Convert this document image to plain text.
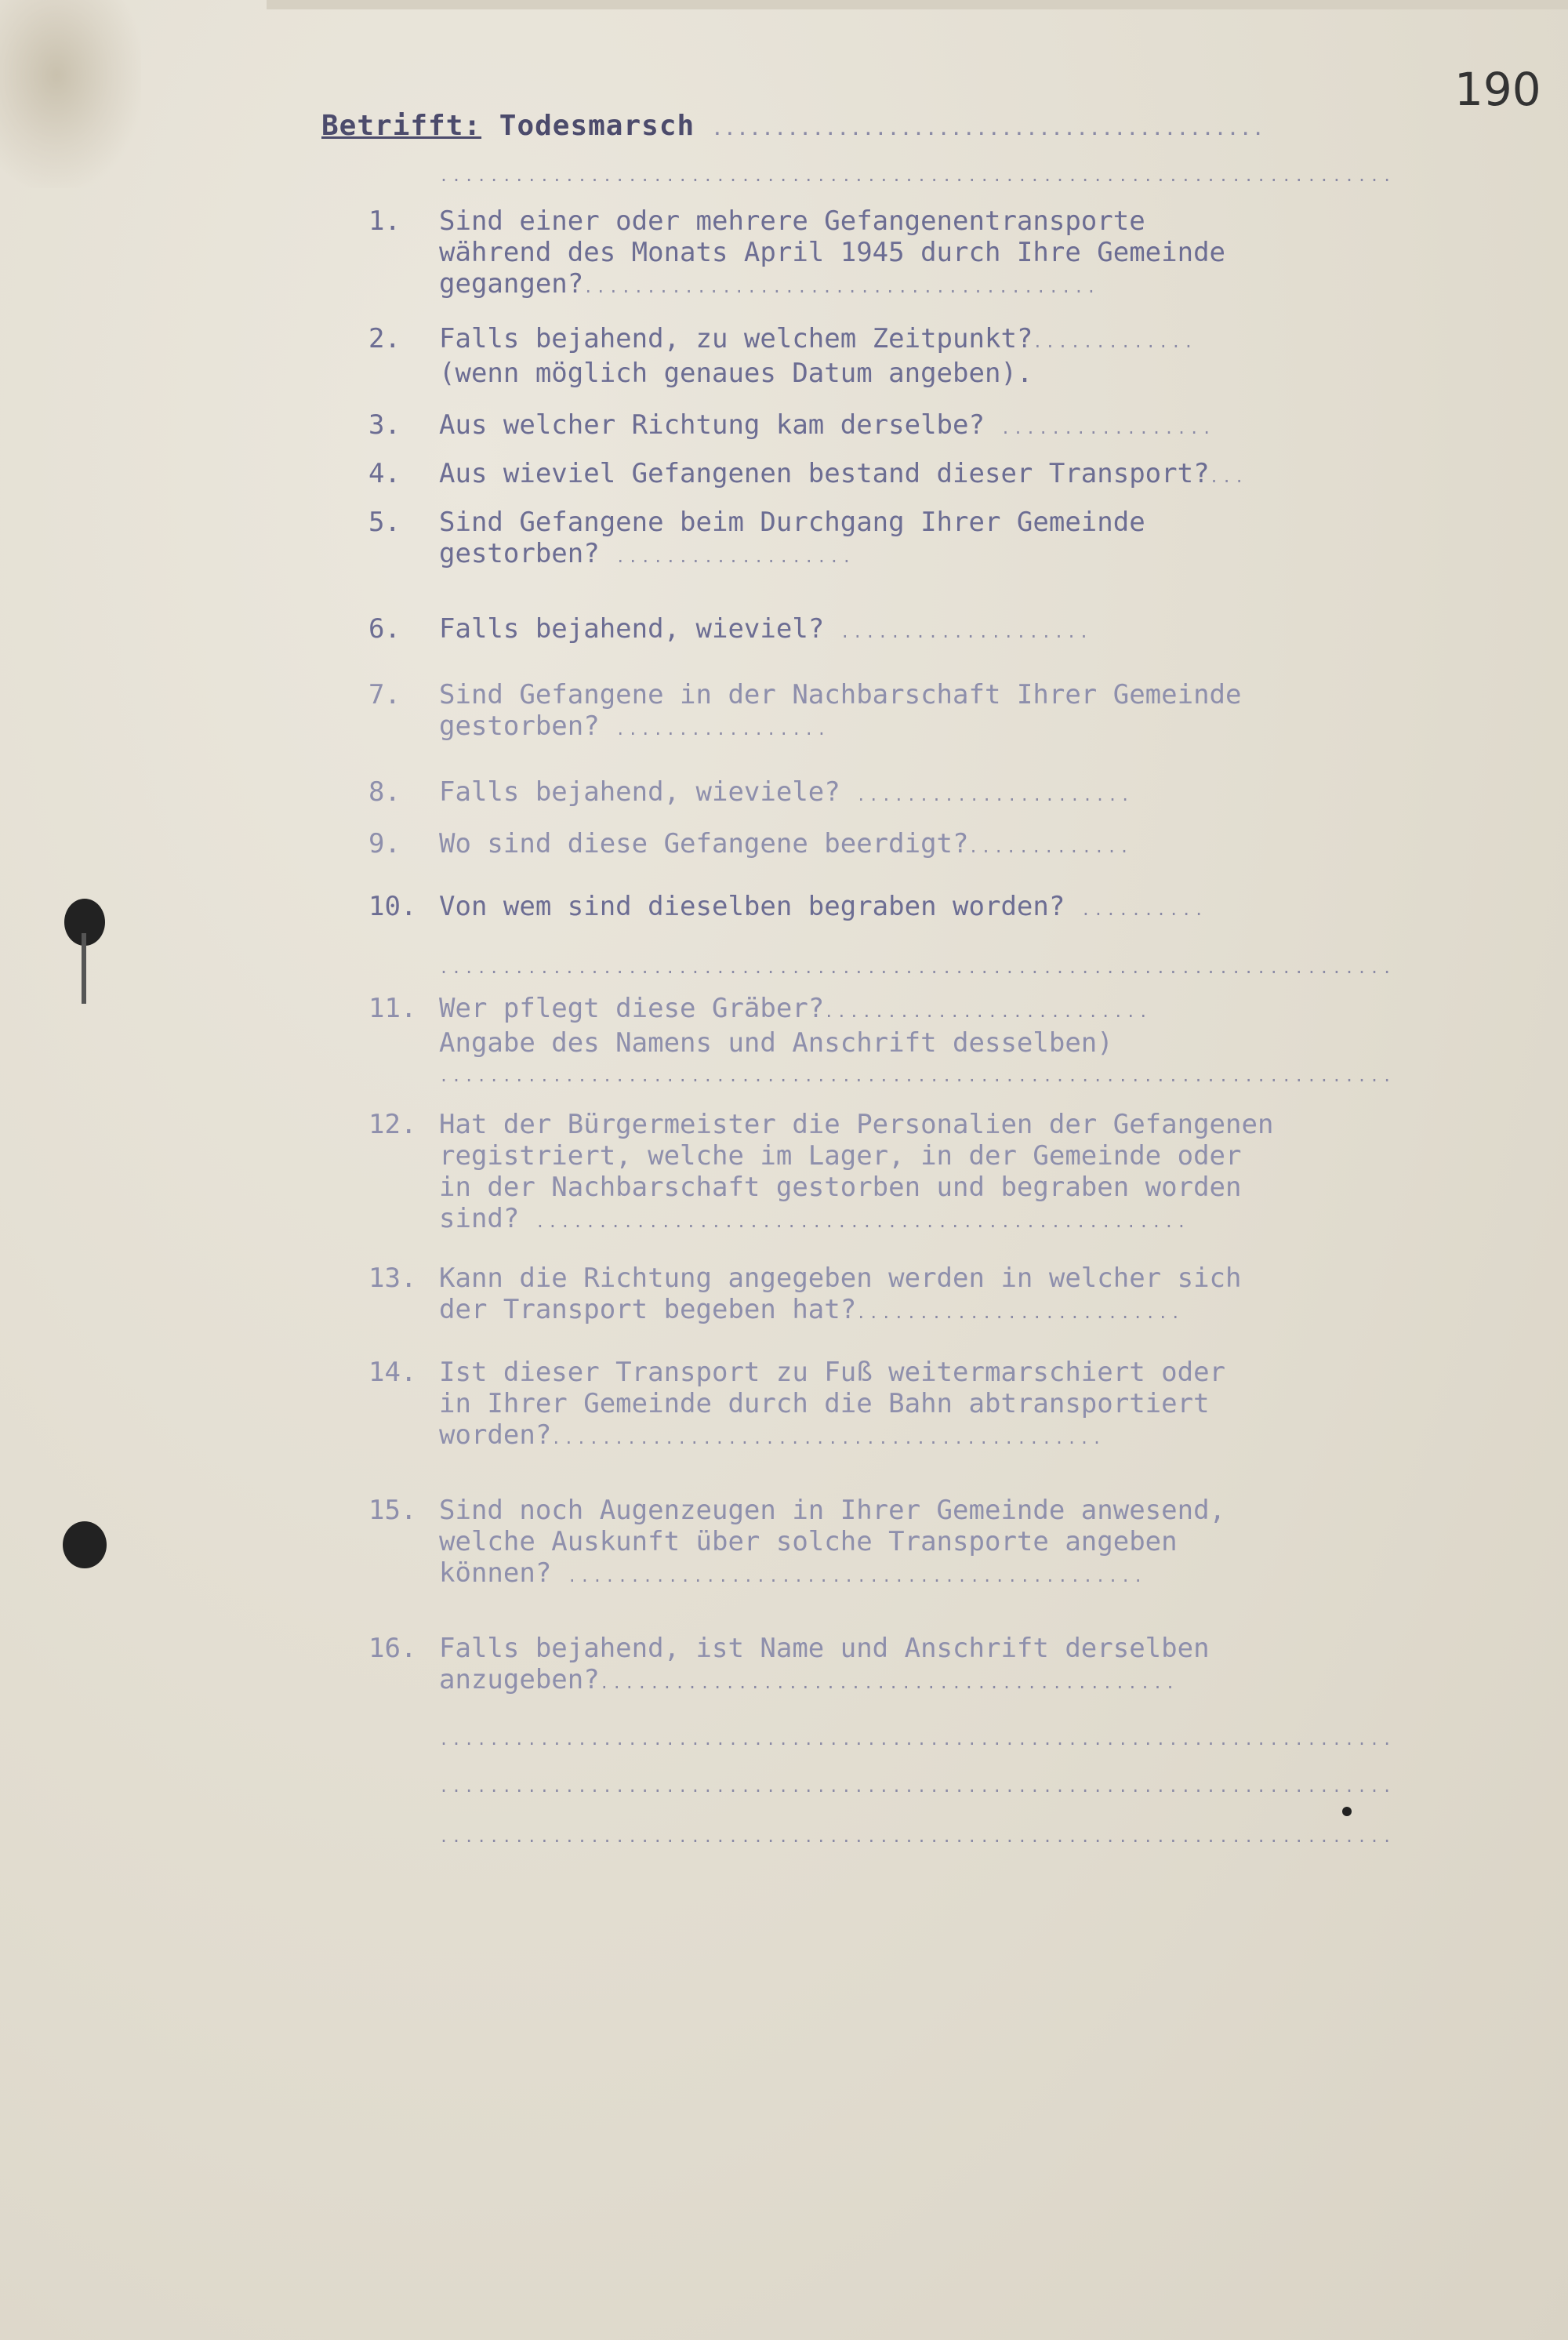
190
Betrifft: Todesmarsch ............................................
............................................................................
1. Sind einer oder mehrere Gefangenentransporte
während des Monats April 1945 durch Ihre Gemeinde
gegangen?.........................................
2. Falls bejahend, zu welchem Zeitpunkt?.............
(wenn möglich genaues Datum angeben).
3. Aus welcher Richtung kam derselbe? .................
4. Aus wieviel Gefangenen bestand dieser Transport?...
5. Sind Gefangene beim Durchgang Ihrer Gemeinde
gestorben? ...................
6. Falls bejahend, wieviel? ....................
7. Sind Gefangene in der Nachbarschaft Ihrer Gemeinde
gestorben? .................
8. Falls bejahend, wieviele? ......................
9. Wo sind diese Gefangene beerdigt?.............
10. Von wem sind dieselben begraben worden? ..........
............................................................................
11. Wer pflegt diese Gräber?..........................
Angabe des Namens und Anschrift desselben)
............................................................................
12. Hat der Bürgermeister die Personalien der Gefangenen
registriert, welche im Lager, in der Gemeinde oder
in der Nachbarschaft gestorben und begraben worden
sind? ....................................................
13. Kann die Richtung angegeben werden in welcher sich
der Transport begeben hat?..........................
14. Ist dieser Transport zu Fuß weitermarschiert oder
in Ihrer Gemeinde durch die Bahn abtransportiert
worden?............................................
15. Sind noch Augenzeugen in Ihrer Gemeinde anwesend,
welche Auskunft über solche Transporte angeben
können? ..............................................
16. Falls bejahend, ist Name und Anschrift derselben
anzugeben?..............................................
............................................................................
............................................................................
............................................................................
